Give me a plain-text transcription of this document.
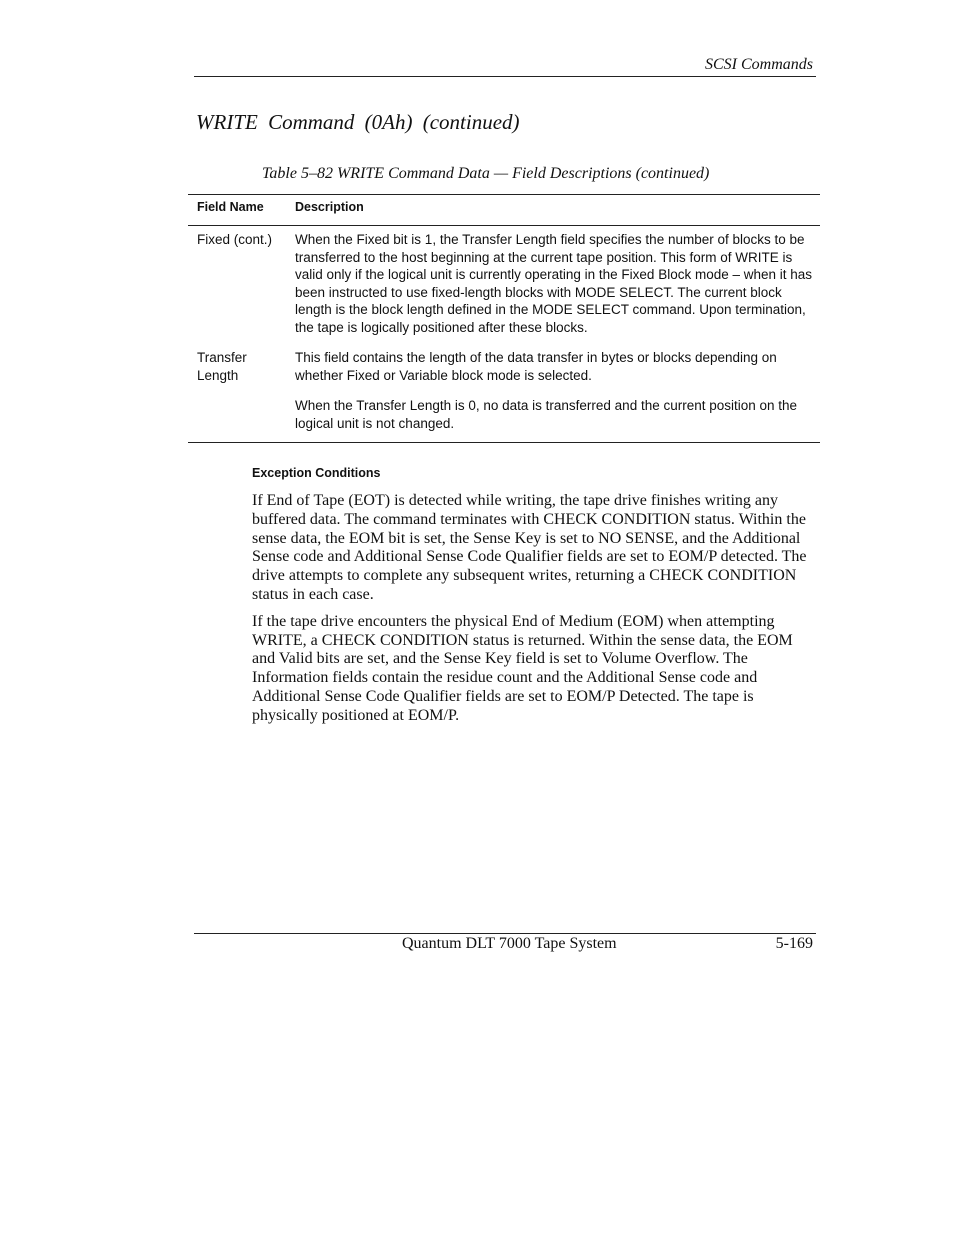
SCSI Commands
WRITE Command (0Ah) (continued)
Table 5–82 WRITE Command Data — Field Descriptions (continued)
Field Name	Description
Fixed (cont.) When the Fixed bit is 1, the Transfer Length field specifies the number of blocks to be transferred to the host beginning at the current tape position. This form of WRITE is valid only if the logical unit is currently operating in the Fixed Block mode – when it has been instructed to use fixed-length blocks with MODE SELECT. The current block length is the block length defined in the MODE SELECT command. Upon termination, the tape is logically positioned after these blocks.

Transfer
Length

This field contains the length of the data transfer in bytes or blocks depending on whether Fixed or Variable block mode is selected.

When the Transfer Length is 0, no data is transferred and the current position on the logical unit is not changed.

Exception Conditions

If End of Tape (EOT) is detected while writing, the tape drive finishes writing any buffered data. The command terminates with CHECK CONDITION status. Within the sense data, the EOM bit is set, the Sense Key is set to NO SENSE, and the Additional Sense code and Additional Sense Code Qualifier fields are set to EOM/P detected. The drive attempts to complete any subsequent writes, returning a CHECK CONDITION status in each case.

If the tape drive encounters the physical End of Medium (EOM) when attempting WRITE, a CHECK CONDITION status is returned. Within the sense data, the EOM and Valid bits are set, and the Sense Key field is set to Volume Overflow. The Information fields contain the residue count and the Additional Sense code and Additional Sense Code Qualifier fields are set to EOM/P Detected. The tape is physically positioned at EOM/P.

Quantum DLT 7000 Tape System	5-169
